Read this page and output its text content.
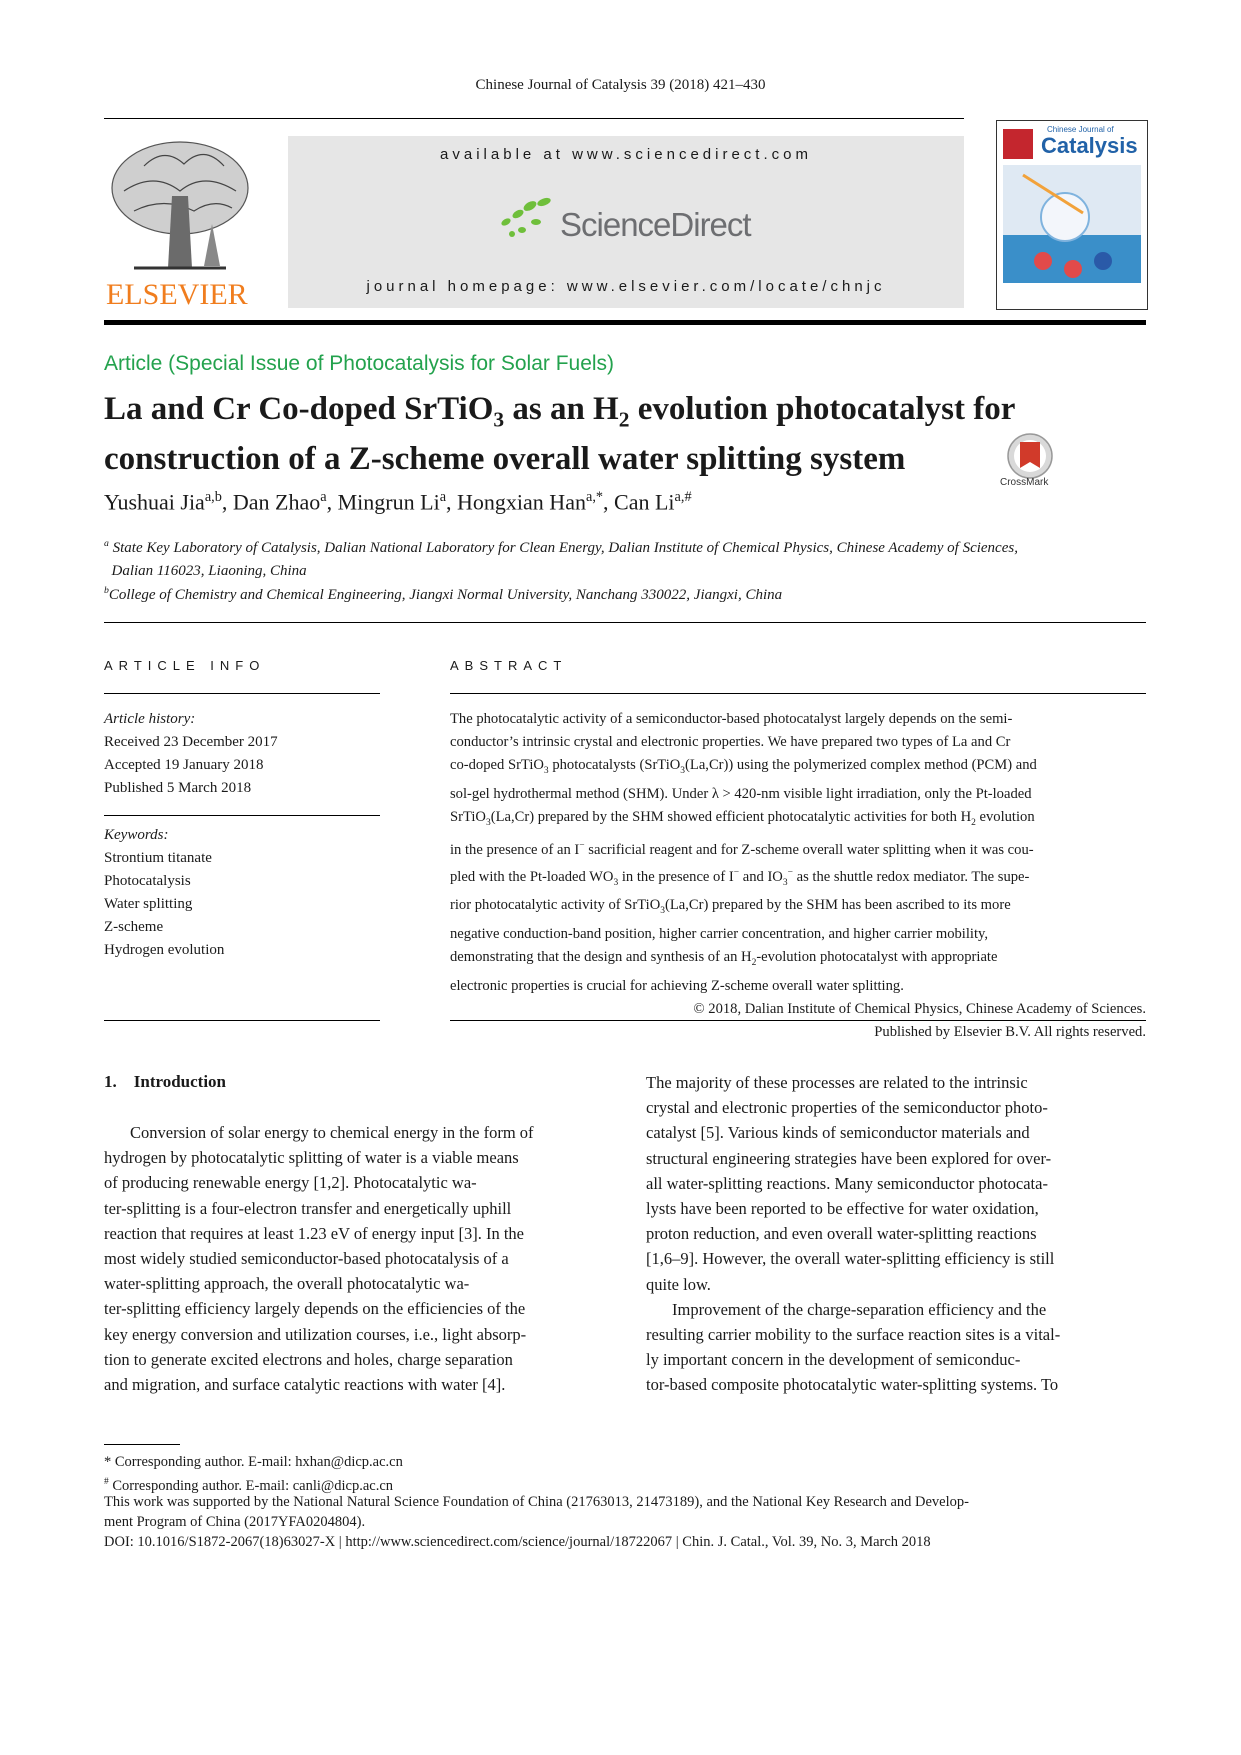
Chinese Journal of Catalysis 39 (2018) 421–430
ELSEVIER
available at www.sciencedirect.com
ScienceDirect
journal homepage: www.elsevier.com/locate/chnjc
Chinese Journal of
Catalysis
Article (Special Issue of Photocatalysis for Solar Fuels)
La and Cr Co-doped SrTiO$_3$ as an $H_2$ evolution photocatalyst for
construction of a Z-scheme overall water splitting system
CrossMark
Yushuai Jia$^{a,b}$, Dan Zhao$^a$, Mingrun Li$^a$, Hongxian Han$^{a,*}$, Can $Li^{a,\#}$
$^a$ State Key Laboratory of Catalysis, Dalian National Laboratory for Clean Energy, Dalian Institute of Chemical Physics, Chinese Academy of Sciences,
Dalian 116023, Liaoning, China
$^b$College of Chemistry and Chemical Engineering, Jiangxi Normal University, Nanchang 330022, Jiangxi, China
ARTICLE INFO
Article history:
Received 23 December 2017
Accepted 19 January 2018
Published 5 March 2018
Keywords:
Strontium titanate
Photocatalysis
Water splitting
Z-scheme
Hydrogen evolution
ABSTRACT
The photocatalytic activity of a semiconductor-based photocatalyst largely depends on the semi-
conductor’s intrinsic crystal and electronic properties. We have prepared two types of La and Cr
co-doped SrTiO$_3$ photocatalysts (SrTiO$_3$(La,Cr)) using the polymerized complex method (PCM) and
sol-gel hydrothermal method (SHM). Under λ > 420-nm visible light irradiation, only the Pt-loaded
SrTiO$_3$(La,Cr) prepared by the SHM showed efficient photocatalytic activities for both $H_2$ evolution
in the presence of an I− sacrificial reagent and for Z-scheme overall water splitting when it was cou-
pled with the Pt-loaded $WO_3$ in the presence of I− and $IO_3^-$ as the shuttle redox mediator. The supe-
rior photocatalytic activity of SrTiO$_3$(La,Cr) prepared by the SHM has been ascribed to its more
negative conduction-band position, higher carrier concentration, and higher carrier mobility,
demonstrating that the design and synthesis of an $H_2$-evolution photocatalyst with appropriate
electronic properties is crucial for achieving Z-scheme overall water splitting.
© 2018, Dalian Institute of Chemical Physics, Chinese Academy of Sciences.
Published by Elsevier B.V. All rights reserved.
1. Introduction
Conversion of solar energy to chemical energy in the form of
hydrogen by photocatalytic splitting of water is a viable means
of producing renewable energy [1,2]. Photocatalytic wa-
ter-splitting is a four-electron transfer and energetically uphill
reaction that requires at least 1.23 eV of energy input [3]. In the
most widely studied semiconductor-based photocatalysis of a
water-splitting approach, the overall photocatalytic wa-
ter-splitting efficiency largely depends on the efficiencies of the
key energy conversion and utilization courses, i.e., light absorp-
tion to generate excited electrons and holes, charge separation
and migration, and surface catalytic reactions with water [4].
The majority of these processes are related to the intrinsic
crystal and electronic properties of the semiconductor photo-
catalyst [5]. Various kinds of semiconductor materials and
structural engineering strategies have been explored for over-
all water-splitting reactions. Many semiconductor photocata-
lysts have been reported to be effective for water oxidation,
proton reduction, and even overall water-splitting reactions
[1,6–9]. However, the overall water-splitting efficiency is still
quite low.
Improvement of the charge-separation efficiency and the
resulting carrier mobility to the surface reaction sites is a vital-
ly important concern in the development of semiconduc-
tor-based composite photocatalytic water-splitting systems. To
* Corresponding author. E-mail: hxhan@dicp.ac.cn
# Corresponding author. E-mail: canli@dicp.ac.cn
This work was supported by the National Natural Science Foundation of China (21763013, 21473189), and the National Key Research and Develop-
ment Program of China (2017YFA0204804).
DOI: 10.1016/S1872-2067(18)63027-X | http://www.sciencedirect.com/science/journal/18722067 | Chin. J. Catal., Vol. 39, No. 3, March 2018
